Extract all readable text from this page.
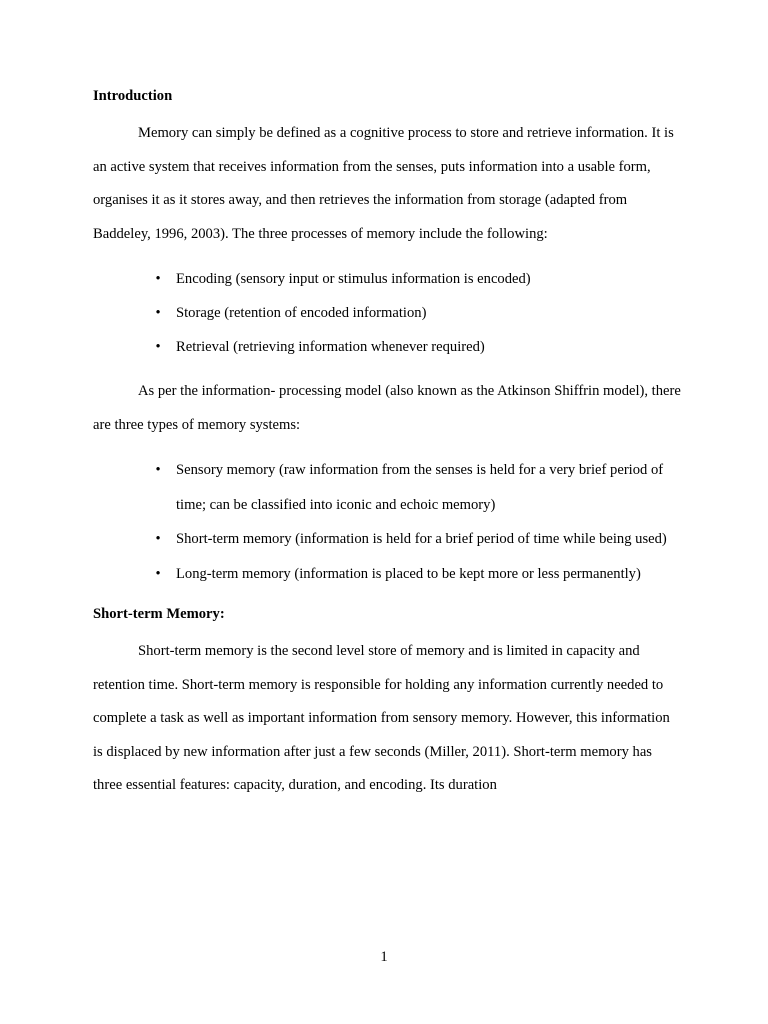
Introduction

Memory can simply be defined as a cognitive process to store and retrieve information. It is an active system that receives information from the senses, puts information into a usable form, organises it as it stores away, and then retrieves the information from storage (adapted from Baddeley, 1996, 2003). The three processes of memory include the following:

• Encoding (sensory input or stimulus information is encoded)
• Storage (retention of encoded information)
• Retrieval (retrieving information whenever required)

As per the information- processing model (also known as the Atkinson Shiffrin model), there are three types of memory systems:

• Sensory memory (raw information from the senses is held for a very brief period of time; can be classified into iconic and echoic memory)
• Short-term memory (information is held for a brief period of time while being used)
• Long-term memory (information is placed to be kept more or less permanently)
Short-term Memory:

Short-term memory is the second level store of memory and is limited in capacity and retention time. Short-term memory is responsible for holding any information currently needed to complete a task as well as important information from sensory memory. However, this information is displaced by new information after just a few seconds (Miller, 2011). Short-term memory has three essential features: capacity, duration, and encoding. Its duration

1
